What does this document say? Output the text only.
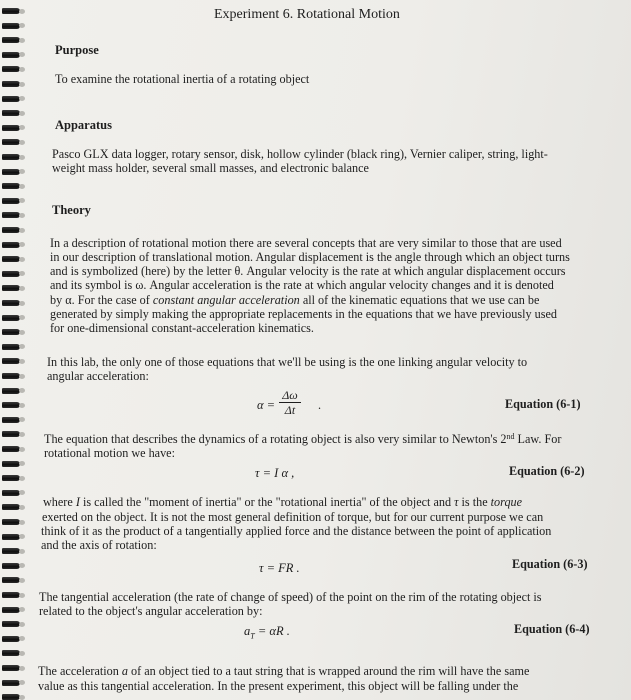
Experiment 6. Rotational Motion
Purpose
To examine the rotational inertia of a rotating object
Apparatus
Pasco GLX data logger, rotary sensor, disk, hollow cylinder (black ring), Vernier caliper, string, light-
weight mass holder, several small masses, and electronic balance
Theory
In a description of rotational motion there are several concepts that are very similar to those that are used
in our description of translational motion. Angular displacement is the angle through which an object turns
and is symbolized (here) by the letter θ. Angular velocity is the rate at which angular displacement occurs
and its symbol is ω. Angular acceleration is the rate at which angular velocity changes and it is denoted
by α. For the case of constant angular acceleration all of the kinematic equations that we use can be
generated by simply making the appropriate replacements in the equations that we have previously used
for one-dimensional constant-acceleration kinematics.
In this lab, the only one of those equations that we'll be using is the one linking angular velocity to
angular acceleration:
α =
Δω
Δt	.	Equation (6-1)
The equation that describes the dynamics of a rotating object is also very similar to Newton's 2nd Law. For
rotational motion we have:
τ = I α ,	Equation (6-2)
where I is called the "moment of inertia" or the "rotational inertia" of the object and τ is the torque
exerted on the object. It is not the most general definition of torque, but for our current purpose we can
think of it as the product of a tangentially applied force and the distance between the point of application
and the axis of rotation:
τ = FR .	Equation (6-3)
The tangential acceleration (the rate of change of speed) of the point on the rim of the rotating object is
related to the object's angular acceleration by:
$a_T = \alpha R$ .	Equation (6-4)
The acceleration a of an object tied to a taut string that is wrapped around the rim will have the same
value as this tangential acceleration. In the present experiment, this object will be falling under the
